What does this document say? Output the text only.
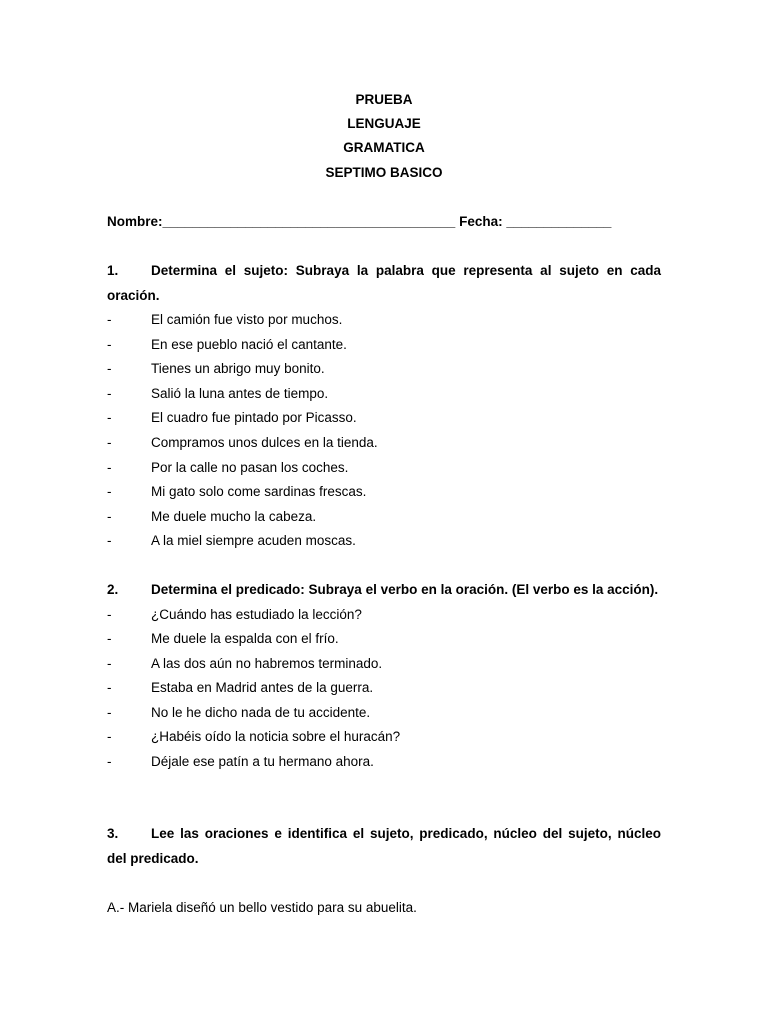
PRUEBA
LENGUAJE
GRAMATICA
SEPTIMO BASICO
Nombre:_______________________________________ Fecha: ______________

1. Determina el sujeto: Subraya la palabra que representa al sujeto en cada oración.

-	El camión fue visto por muchos.
-	En ese pueblo nació el cantante.
-	Tienes un abrigo muy bonito.
-	Salió la luna antes de tiempo.
-	El cuadro fue pintado por Picasso.
-	Compramos unos dulces en la tienda.
-	Por la calle no pasan los coches.
-	Mi gato solo come sardinas frescas.
-	Me duele mucho la cabeza.
-	A la miel siempre acuden moscas.

2. Determina el predicado: Subraya el verbo en la oración. (El verbo es la acción).

-	¿Cuándo has estudiado la lección?
-	Me duele la espalda con el frío.
-	A las dos aún no habremos terminado.
-	Estaba en Madrid antes de la guerra.
-	No le he dicho nada de tu accidente.
-	¿Habéis oído la noticia sobre el huracán?
-	Déjale ese patín a tu hermano ahora.

3. Lee las oraciones e identifica el sujeto, predicado, núcleo del sujeto, núcleo del predicado.

A.- Mariela diseñó un bello vestido para su abuelita.
